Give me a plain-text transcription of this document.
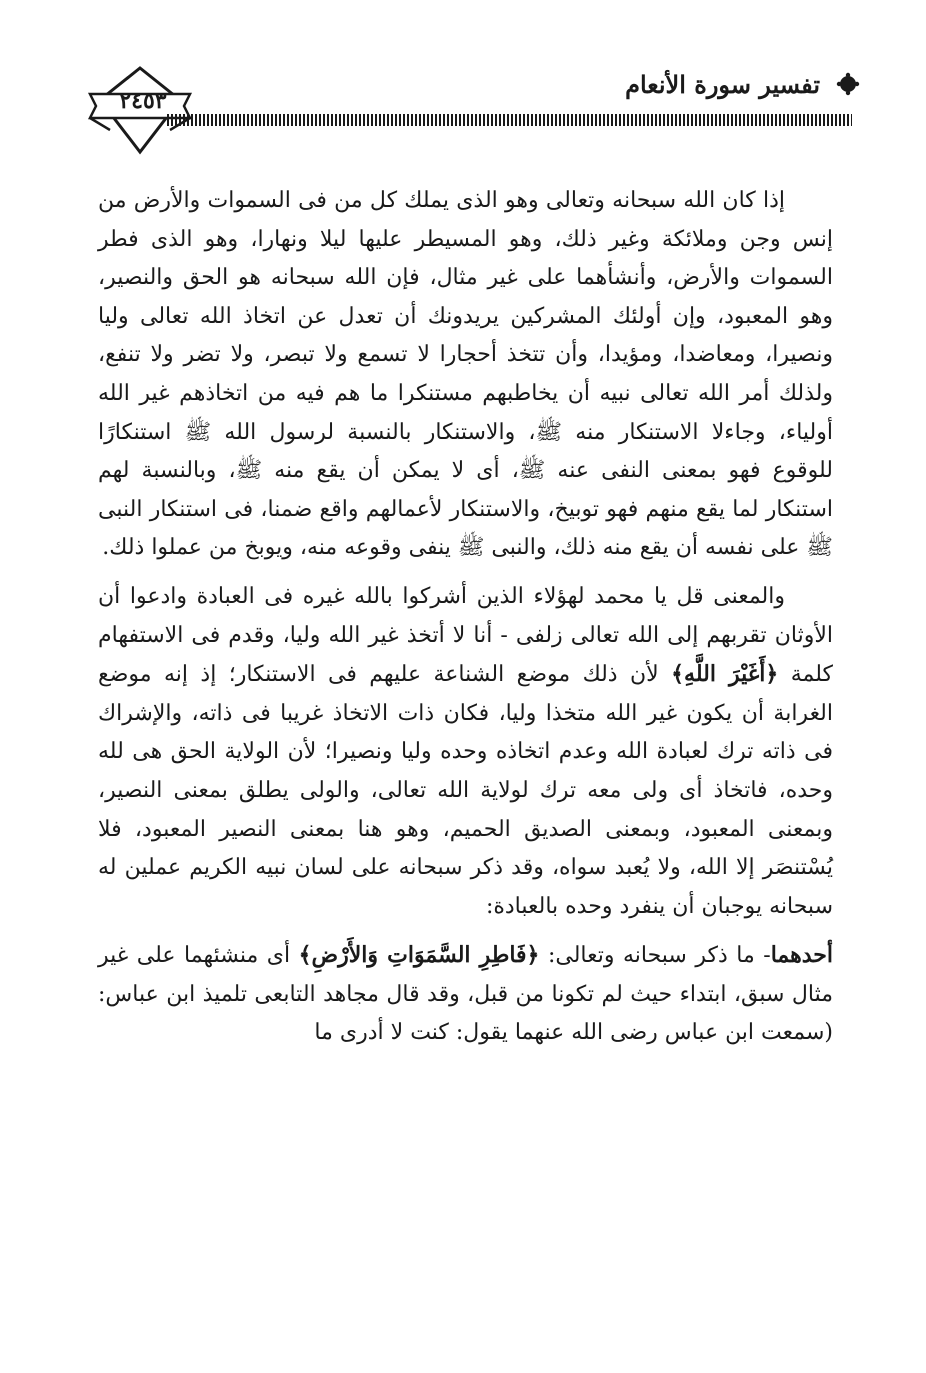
٢٤٥٣
تفسير سورة الأنعام

إذا كان الله سبحانه وتعالى وهو الذى يملك كل من فى السموات والأرض من إنس وجن وملائكة وغير ذلك، وهو المسيطر عليها ليلا ونهارا، وهو الذى فطر السموات والأرض، وأنشأهما على غير مثال، فإن الله سبحانه هو الحق والنصير، وهو المعبود، وإن أولئك المشركين يريدونك أن تعدل عن اتخاذ الله تعالى وليا ونصيرا، ومعاضدا، ومؤيدا، وأن تتخذ أحجارا لا تسمع ولا تبصر، ولا تضر ولا تنفع، ولذلك أمر الله تعالى نبيه أن يخاطبهم مستنكرا ما هم فيه من اتخاذهم غير الله أولياء، وجاءلا الاستنكار منه ﷺ، والاستنكار بالنسبة لرسول الله ﷺ استنكارًا للوقوع فهو بمعنى النفى عنه ﷺ، أى لا يمكن أن يقع منه ﷺ، وبالنسبة لهم استنكار لما يقع منهم فهو توبيخ، والاستنكار لأعمالهم واقع ضمنا، فى استنكار النبى ﷺ على نفسه أن يقع منه ذلك، والنبى ﷺ ينفى وقوعه منه، ويوبخ من عملوا ذلك.

والمعنى قل يا محمد لهؤلاء الذين أشركوا بالله غيره فى العبادة وادعوا أن الأوثان تقربهم إلى الله تعالى زلفى - أنا لا أتخذ غير الله وليا، وقدم فى الاستفهام كلمة ﴿أَغَيْرَ اللَّهِ﴾ لأن ذلك موضع الشناعة عليهم فى الاستنكار؛ إذ إنه موضع الغرابة أن يكون غير الله متخذا وليا، فكان ذات الاتخاذ غريبا فى ذاته، والإشراك فى ذاته ترك لعبادة الله وعدم اتخاذه وحده وليا ونصيرا؛ لأن الولاية الحق هى لله وحده، فاتخاذ أى ولى معه ترك لولاية الله تعالى، والولى يطلق بمعنى النصير، وبمعنى المعبود، وبمعنى الصديق الحميم، وهو هنا بمعنى النصير المعبود، فلا يُسْتنصَر إلا الله، ولا يُعبد سواه، وقد ذكر سبحانه على لسان نبيه الكريم عملين له سبحانه يوجبان أن ينفرد وحده بالعبادة:

أحدهما- ما ذكر سبحانه وتعالى: ﴿فَاطِرِ السَّمَوَاتِ وَالأَرْضِ﴾ أى منشئهما على غير مثال سبق، ابتداء حيث لم تكونا من قبل، وقد قال مجاهد التابعى تلميذ ابن عباس: (سمعت ابن عباس رضى الله عنهما يقول: كنت لا أدرى ما
